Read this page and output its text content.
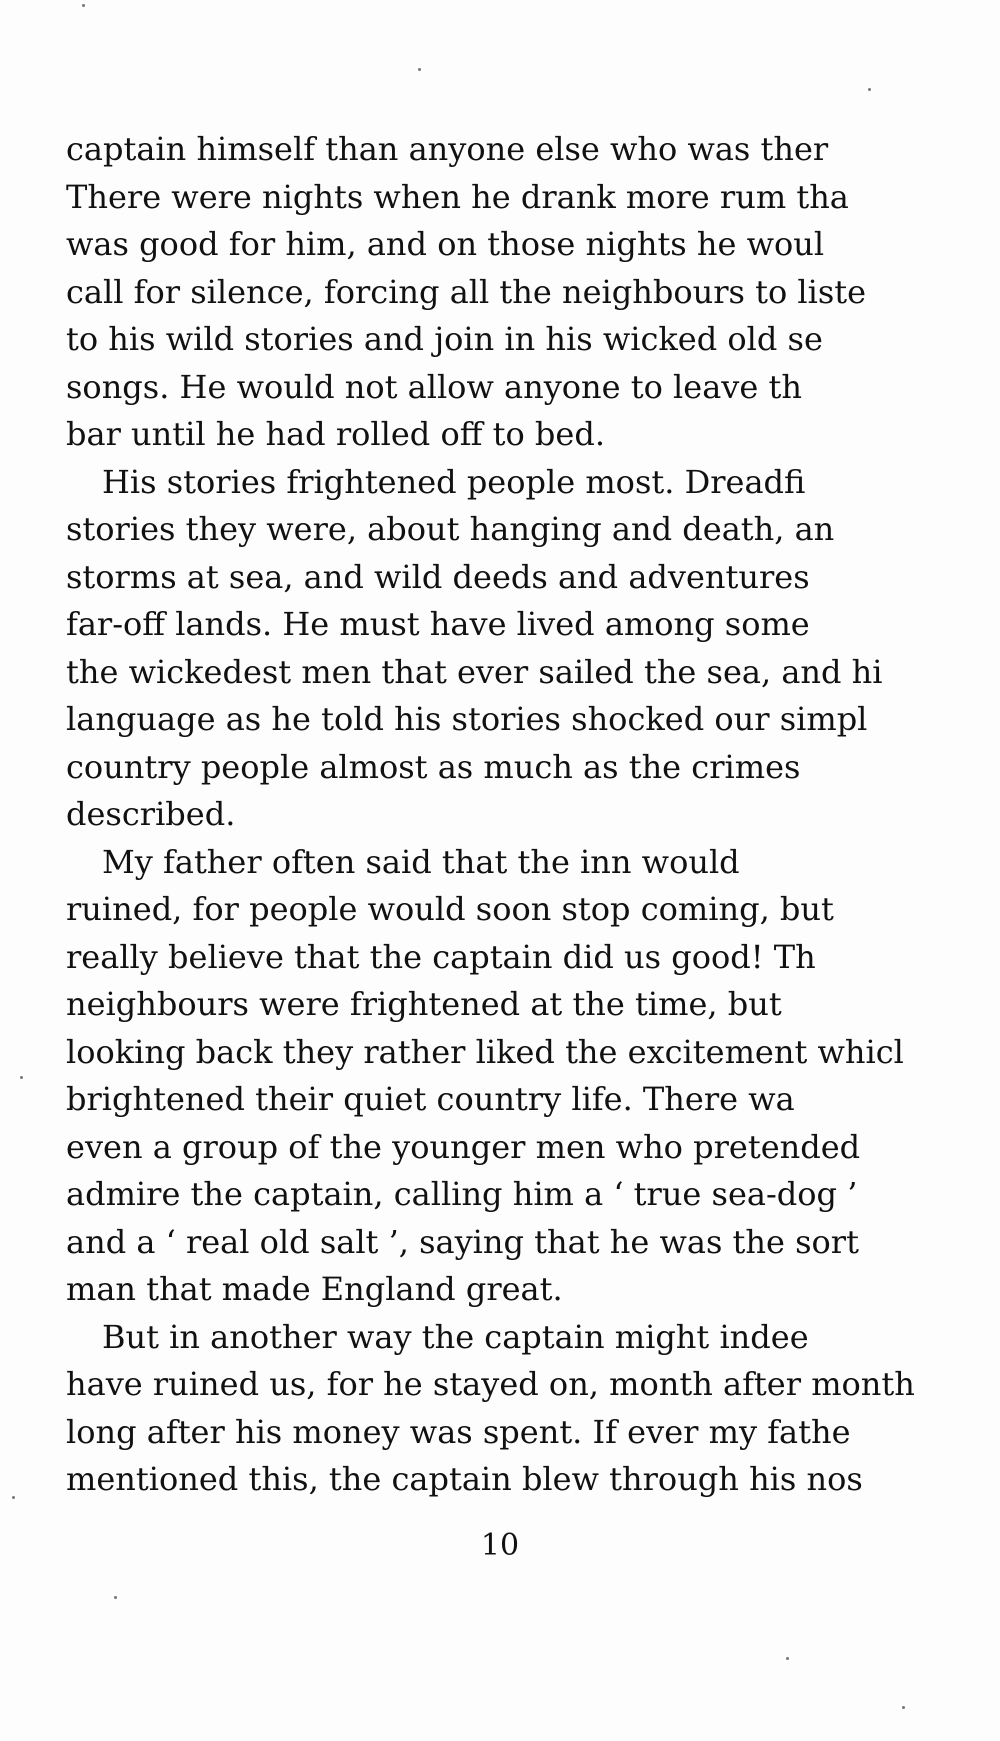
captain himself than anyone else who was ther
There were nights when he drank more rum tha
was good for him, and on those nights he woul
call for silence, forcing all the neighbours to liste
to his wild stories and join in his wicked old se
songs. He would not allow anyone to leave th
bar until he had rolled off to bed.
His stories frightened people most. Dreadfi
stories they were, about hanging and death, an
storms at sea, and wild deeds and adventures
far-off lands. He must have lived among some
the wickedest men that ever sailed the sea, and hi
language as he told his stories shocked our simpl
country people almost as much as the crimes
described.
My father often said that the inn would
ruined, for people would soon stop coming, but
really believe that the captain did us good! Th
neighbours were frightened at the time, but
looking back they rather liked the excitement whicl
brightened their quiet country life. There wa
even a group of the younger men who pretended
admire the captain, calling him a ‘ true sea-dog ’
and a ‘ real old salt ’, saying that he was the sort
man that made England great.
But in another way the captain might indee
have ruined us, for he stayed on, month after month
long after his money was spent. If ever my fathe
mentioned this, the captain blew through his nos
10
